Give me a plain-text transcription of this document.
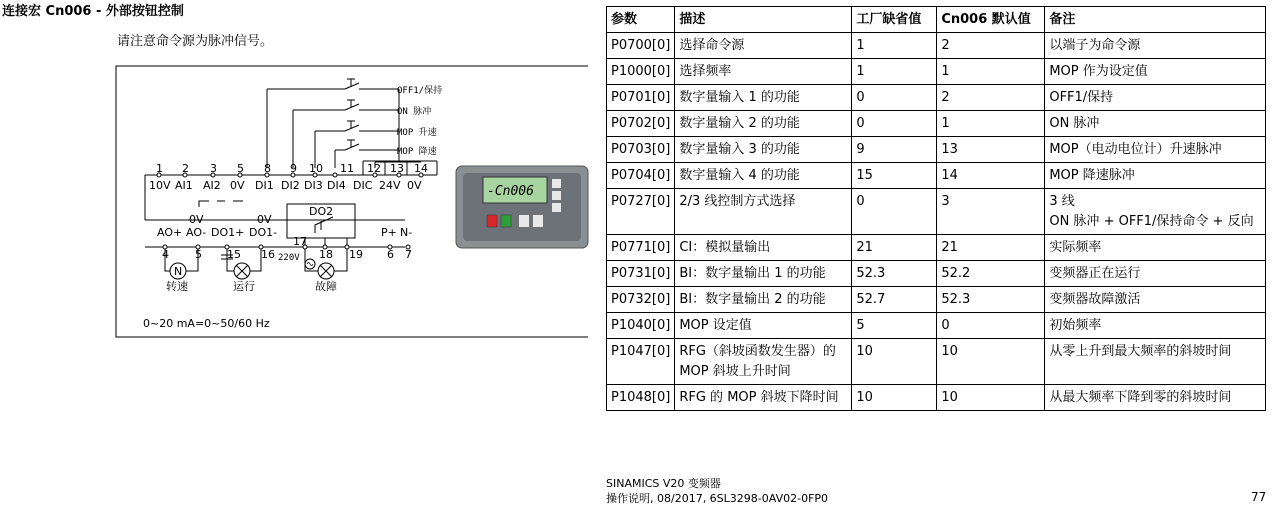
连接宏 Cn006 - 外部按钮控制
请注意命令源为脉冲信号。
OFF1/保持
ON 脉冲
MOP 升速
MOP 降速
1 2 3 5 8 9 10 11 12 13 14
10V AI1 AI2 0V DI1 DI2 DI3 DI4 DIC 24V 0V
0V	0V
DO2
AO+ AO- DO1+ DO1-	P+ N-
4 5 15 16
17
18 19 6 7
N
220V
转速	运行	故障
0~20 mA=0~50/60 Hz
-Cn006
参数	描述	工厂缺省值	Cn006 默认值	备注
P0700[0]	选择命令源	1	2	以端子为命令源
P1000[0]	选择频率	1	1	MOP 作为设定值
P0701[0]	数字量输入 1 的功能	0	2	OFF1/保持
P0702[0]	数字量输入 2 的功能	0	1	ON 脉冲
P0703[0]	数字量输入 3 的功能	9	13	MOP（电动电位计）升速脉冲
P0704[0]	数字量输入 4 的功能	15	14	MOP 降速脉冲
P0727[0]	2/3 线控制方式选择	0	3	3 线
ON 脉冲 + OFF1/保持命令 + 反向

P0771[0]	CI：模拟量输出	21	21	实际频率
P0731[0]	BI：数字量输出 1 的功能	52.3	52.2	变频器正在运行
P0732[0]	BI：数字量输出 2 的功能	52.7	52.3	变频器故障激活
P1040[0]	MOP 设定值	5	0	初始频率
P1047[0]	RFG（斜坡函数发生器）的
MOP 斜坡上升时间	10	10	从零上升到最大频率的斜坡时间
P1048[0]	RFG 的 MOP 斜坡下降时间	10	10	从最大频率下降到零的斜坡时间
SINAMICS V20 变频器
操作说明, 08/2017, 6SL3298-0AV02-0FP0	77
